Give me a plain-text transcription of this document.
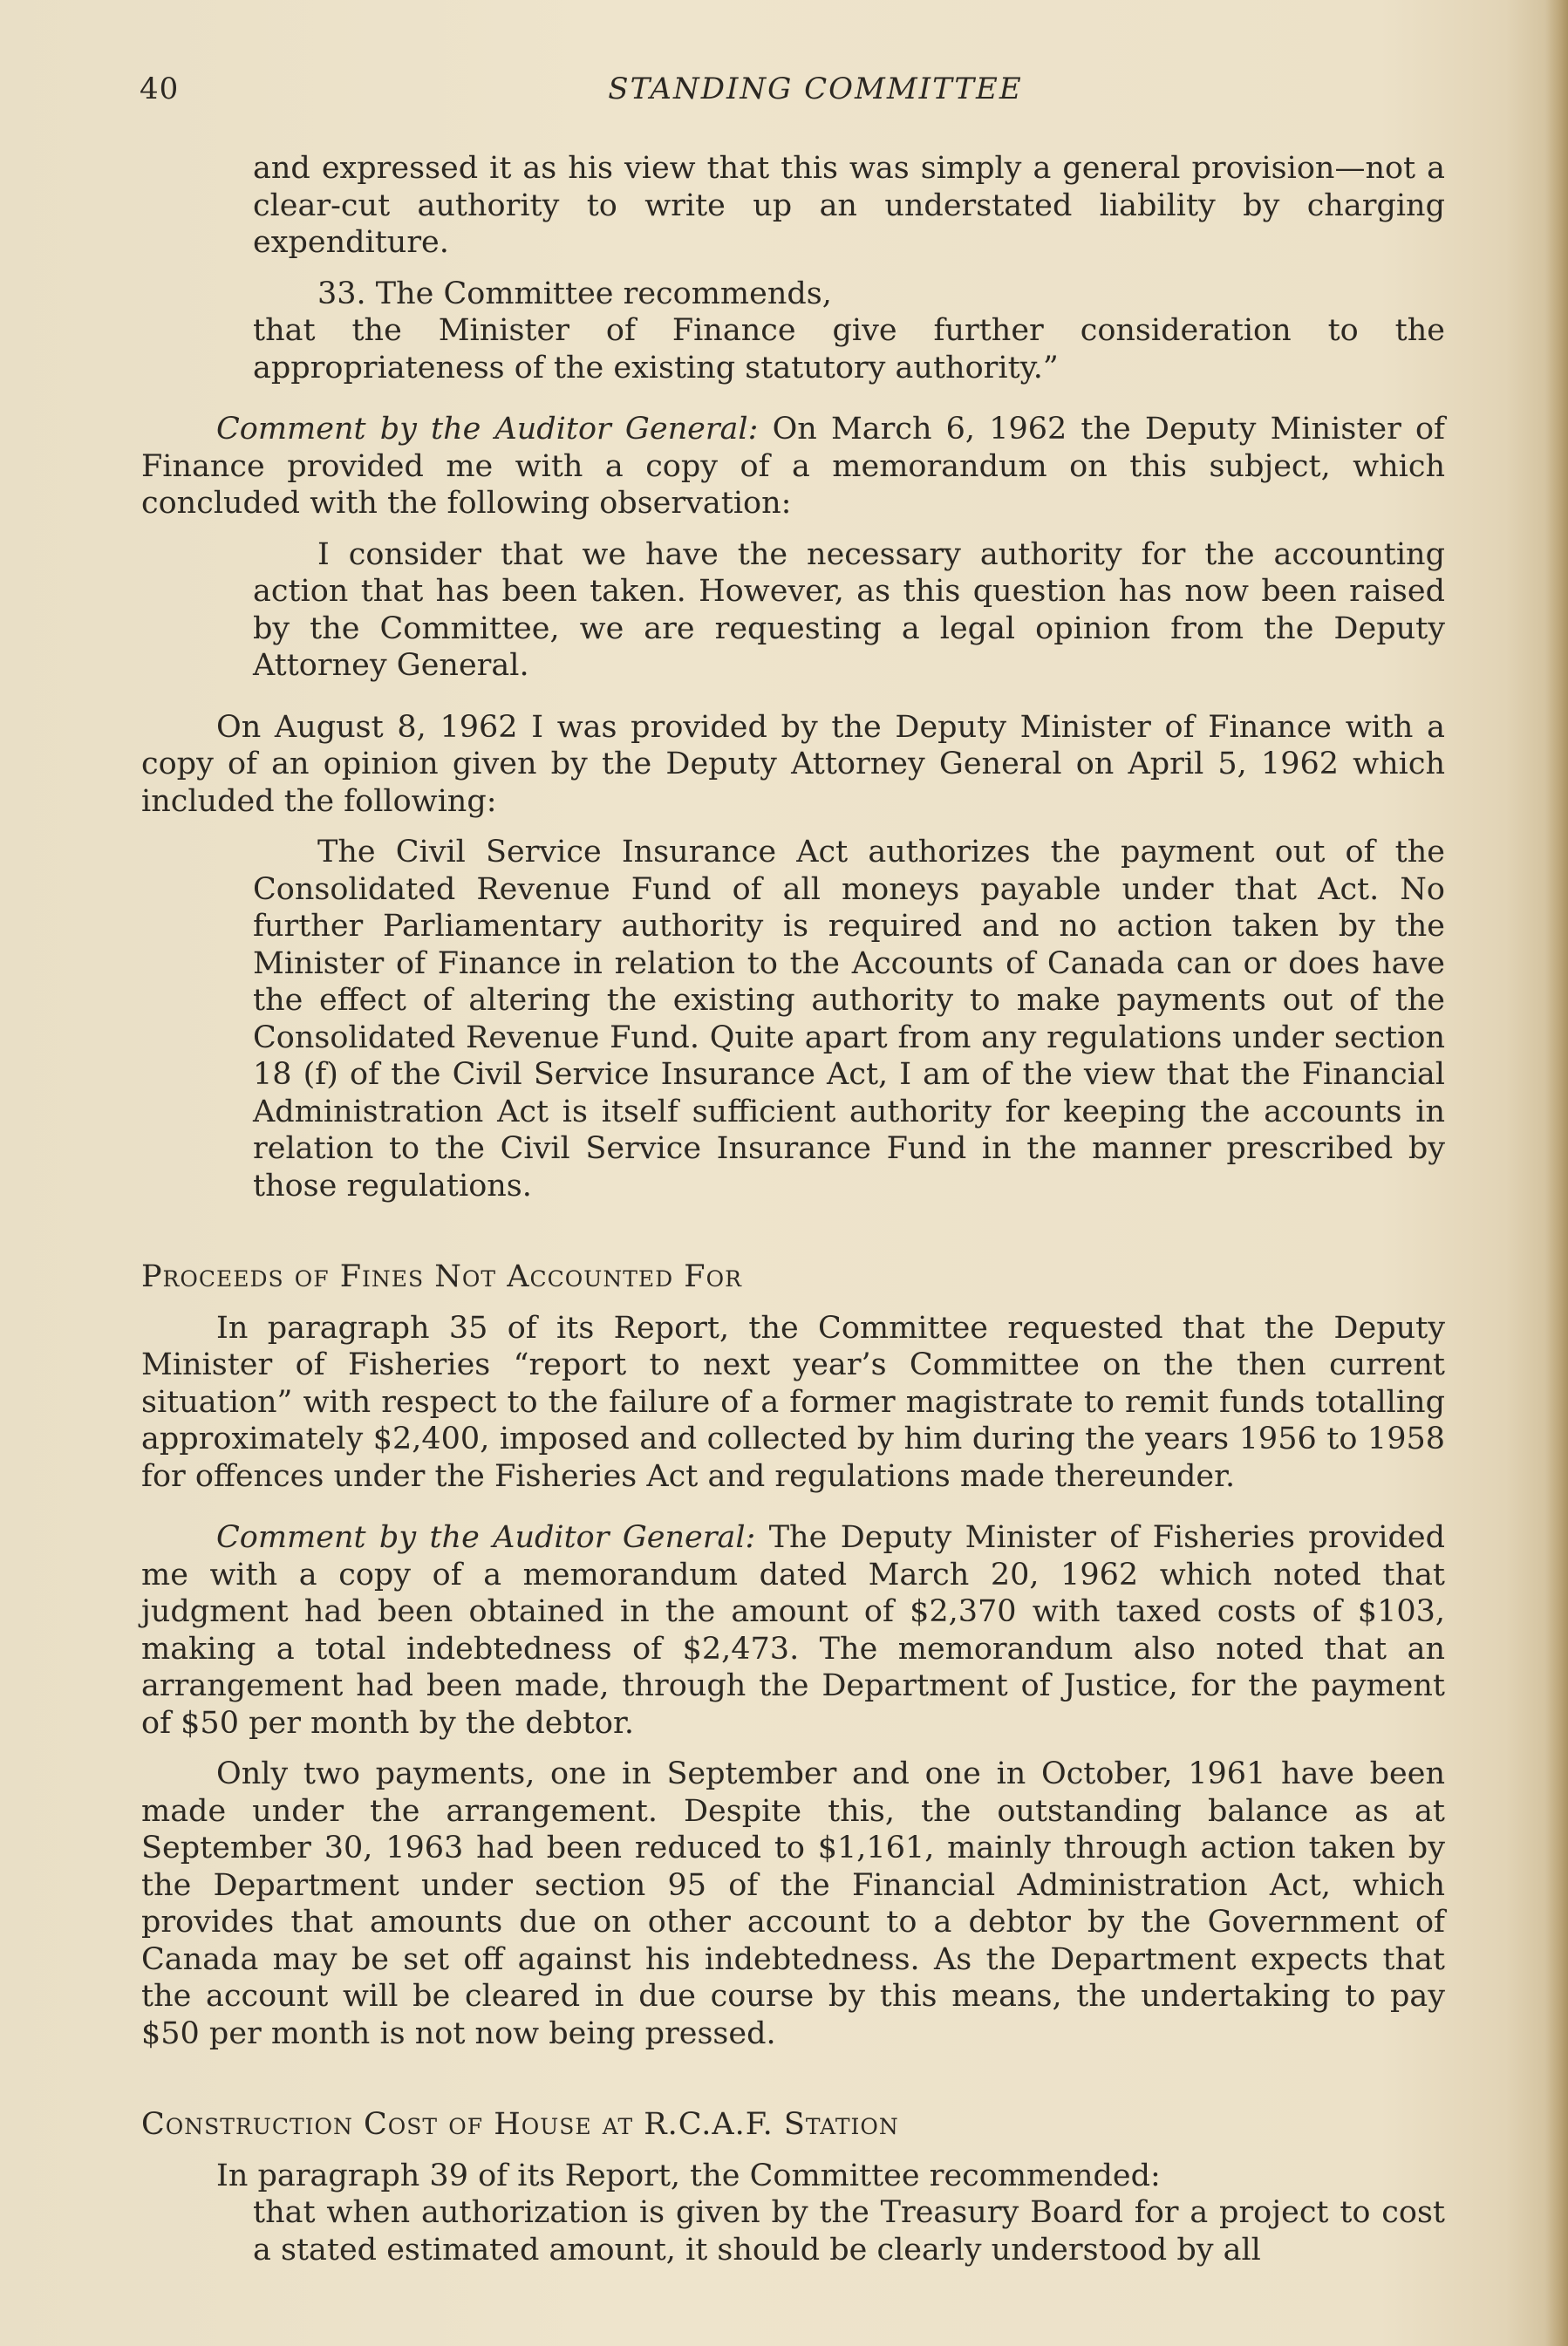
40	STANDING COMMITTEE

and expressed it as his view that this was simply a general provision—not a clear-cut authority to write up an understated liability by charging expenditure.

33. The Committee recommends,

that the Minister of Finance give further consideration to the appropriateness of the existing statutory authority.”

Comment by the Auditor General: On March 6, 1962 the Deputy Minister of Finance provided me with a copy of a memorandum on this subject, which concluded with the following observation:

I consider that we have the necessary authority for the accounting action that has been taken. However, as this question has now been raised by the Committee, we are requesting a legal opinion from the Deputy Attorney General.

On August 8, 1962 I was provided by the Deputy Minister of Finance with a copy of an opinion given by the Deputy Attorney General on April 5, 1962 which included the following:

The Civil Service Insurance Act authorizes the payment out of the Consolidated Revenue Fund of all moneys payable under that Act. No further Parliamentary authority is required and no action taken by the Minister of Finance in relation to the Accounts of Canada can or does have the effect of altering the existing authority to make payments out of the Consolidated Revenue Fund. Quite apart from any regulations under section 18 (f) of the Civil Service Insurance Act, I am of the view that the Financial Administration Act is itself sufficient authority for keeping the accounts in relation to the Civil Service Insurance Fund in the manner prescribed by those regulations.

Proceeds of Fines Not Accounted For

In paragraph 35 of its Report, the Committee requested that the Deputy Minister of Fisheries “report to next year’s Committee on the then current situation” with respect to the failure of a former magistrate to remit funds totalling approximately $2,400, imposed and collected by him during the years 1956 to 1958 for offences under the Fisheries Act and regulations made thereunder.

Comment by the Auditor General: The Deputy Minister of Fisheries provided me with a copy of a memorandum dated March 20, 1962 which noted that judgment had been obtained in the amount of $2,370 with taxed costs of $103, making a total indebtedness of $2,473. The memorandum also noted that an arrangement had been made, through the Department of Justice, for the payment of $50 per month by the debtor.

Only two payments, one in September and one in October, 1961 have been made under the arrangement. Despite this, the outstanding balance as at September 30, 1963 had been reduced to $1,161, mainly through action taken by the Department under section 95 of the Financial Administration Act, which provides that amounts due on other account to a debtor by the Government of Canada may be set off against his indebtedness. As the Department expects that the account will be cleared in due course by this means, the undertaking to pay $50 per month is not now being pressed.

Construction Cost of House at R.C.A.F. Station

In paragraph 39 of its Report, the Committee recommended:

that when authorization is given by the Treasury Board for a project to cost a stated estimated amount, it should be clearly understood by all
